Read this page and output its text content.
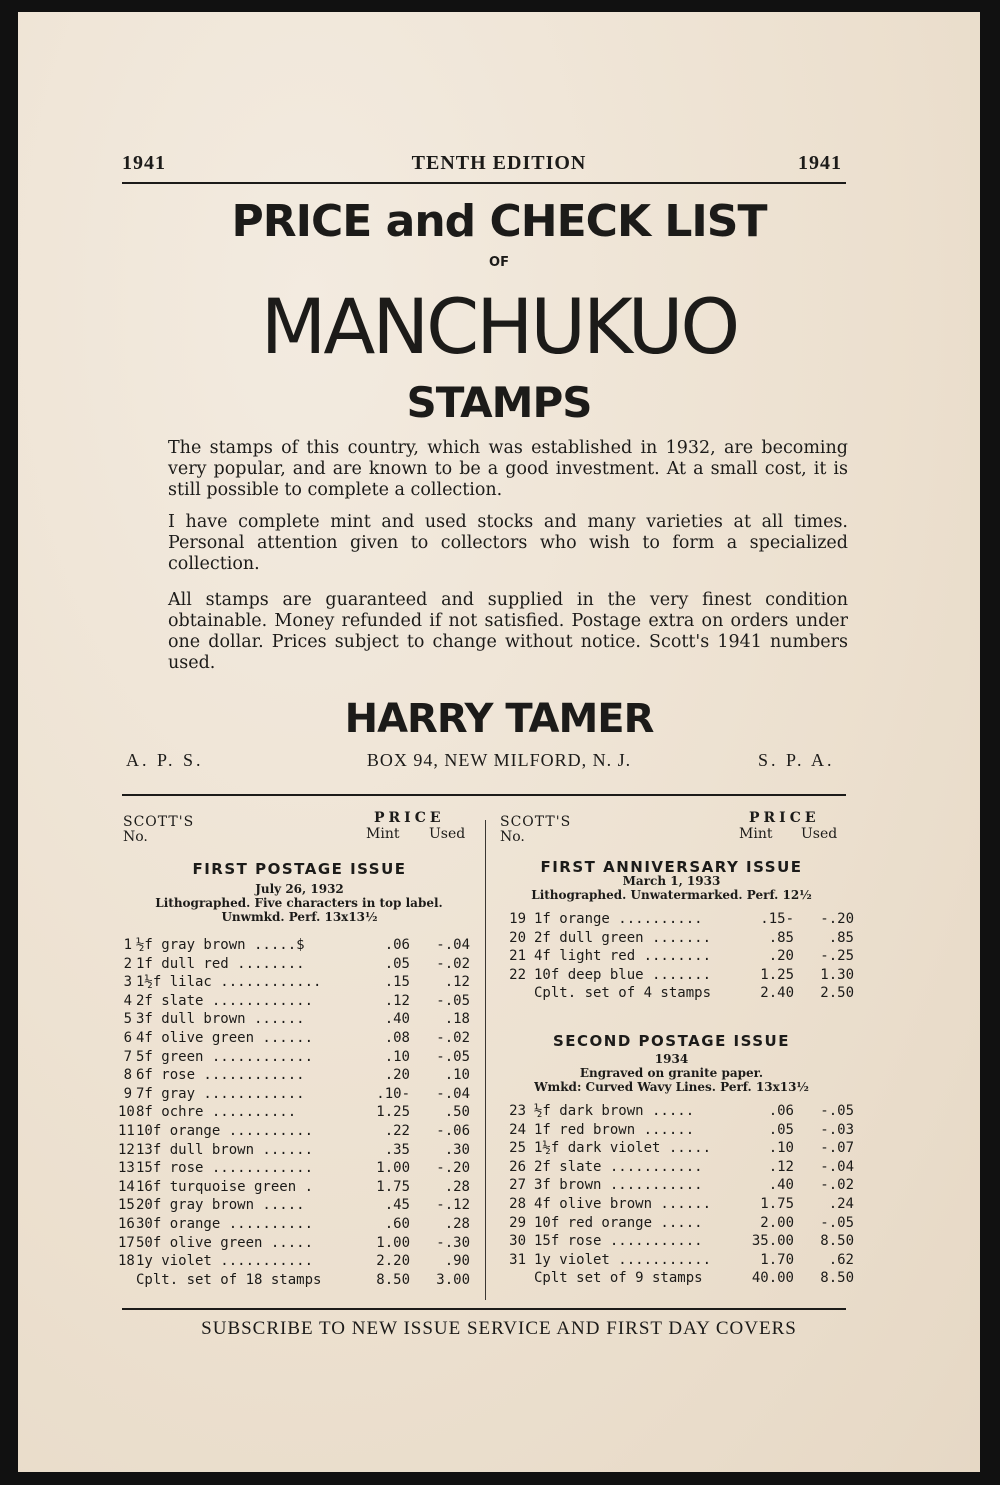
1941	TENTH EDITION	1941
PRICE and CHECK LIST
OF
MANCHUKUO
STAMPS
The stamps of this country, which was established in 1932, are becoming very popular, and are known to be a good investment. At a small cost, it is still possible to complete a collection.
I have complete mint and used stocks and many varieties at all times. Personal attention given to collectors who wish to form a specialized collection.
All stamps are guaranteed and supplied in the very finest condition obtainable. Money refunded if not satisfied. Postage extra on orders under one dollar. Prices subject to change without notice. Scott's 1941 numbers used.
HARRY TAMER
A. P. S.	BOX 94, NEW MILFORD, N. J.	S. P. A.
SCOTT'S
No.
PRICE
Mint Used
FIRST POSTAGE ISSUE
July 26, 1932
Lithographed. Five characters in top label.
Unwmkd. Perf. 13x13½
1 ½f gray brown .....$	.06	-.04
2 1f dull red ........	.05	-.02
3 1½f lilac ............	.15	.12
4 2f slate ............	.12	-.05
5 3f dull brown ......	.40	.18
6 4f olive green ......	.08	-.02
7 5f green ............	.10	-.05
8 6f rose ............	.20	.10
9 7f gray ............	.10-	-.04
10 8f ochre ..........	1.25	.50
11 10f orange ..........	.22	-.06
12 13f dull brown ......	.35	.30
13 15f rose ............	1.00	-.20
14 16f turquoise green .	1.75	.28
15 20f gray brown .....	.45	-.12
16 30f orange ..........	.60	.28
17 50f olive green .....	1.00	-.30
18 1y violet ...........	2.20	.90
Cplt. set of 18 stamps	8.50	3.00
SCOTT'S
No.
PRICE
Mint Used
FIRST ANNIVERSARY ISSUE
March 1, 1933
Lithographed. Unwatermarked. Perf. 12½
SECOND POSTAGE ISSUE
1934
Engraved on granite paper.
Wmkd: Curved Wavy Lines. Perf. 13x13½
19 1f orange ..........	.15-	-.20
20 2f dull green .......	.85	.85
21 4f light red ........	.20	-.25
22 10f deep blue .......	1.25	1.30
Cplt. set of 4 stamps	2.40	2.50
23 ½f dark brown .....	.06	-.05
24 1f red brown ......	.05	-.03
25 1½f dark violet .....	.10	-.07
26 2f slate ...........	.12	-.04
27 3f brown ...........	.40	-.02
28 4f olive brown ......	1.75	.24
29 10f red orange .....	2.00	-.05
30 15f rose ...........	35.00	8.50
31 1y violet ...........	1.70	.62
Cplt set of 9 stamps	40.00	8.50
SUBSCRIBE TO NEW ISSUE SERVICE AND FIRST DAY COVERS
